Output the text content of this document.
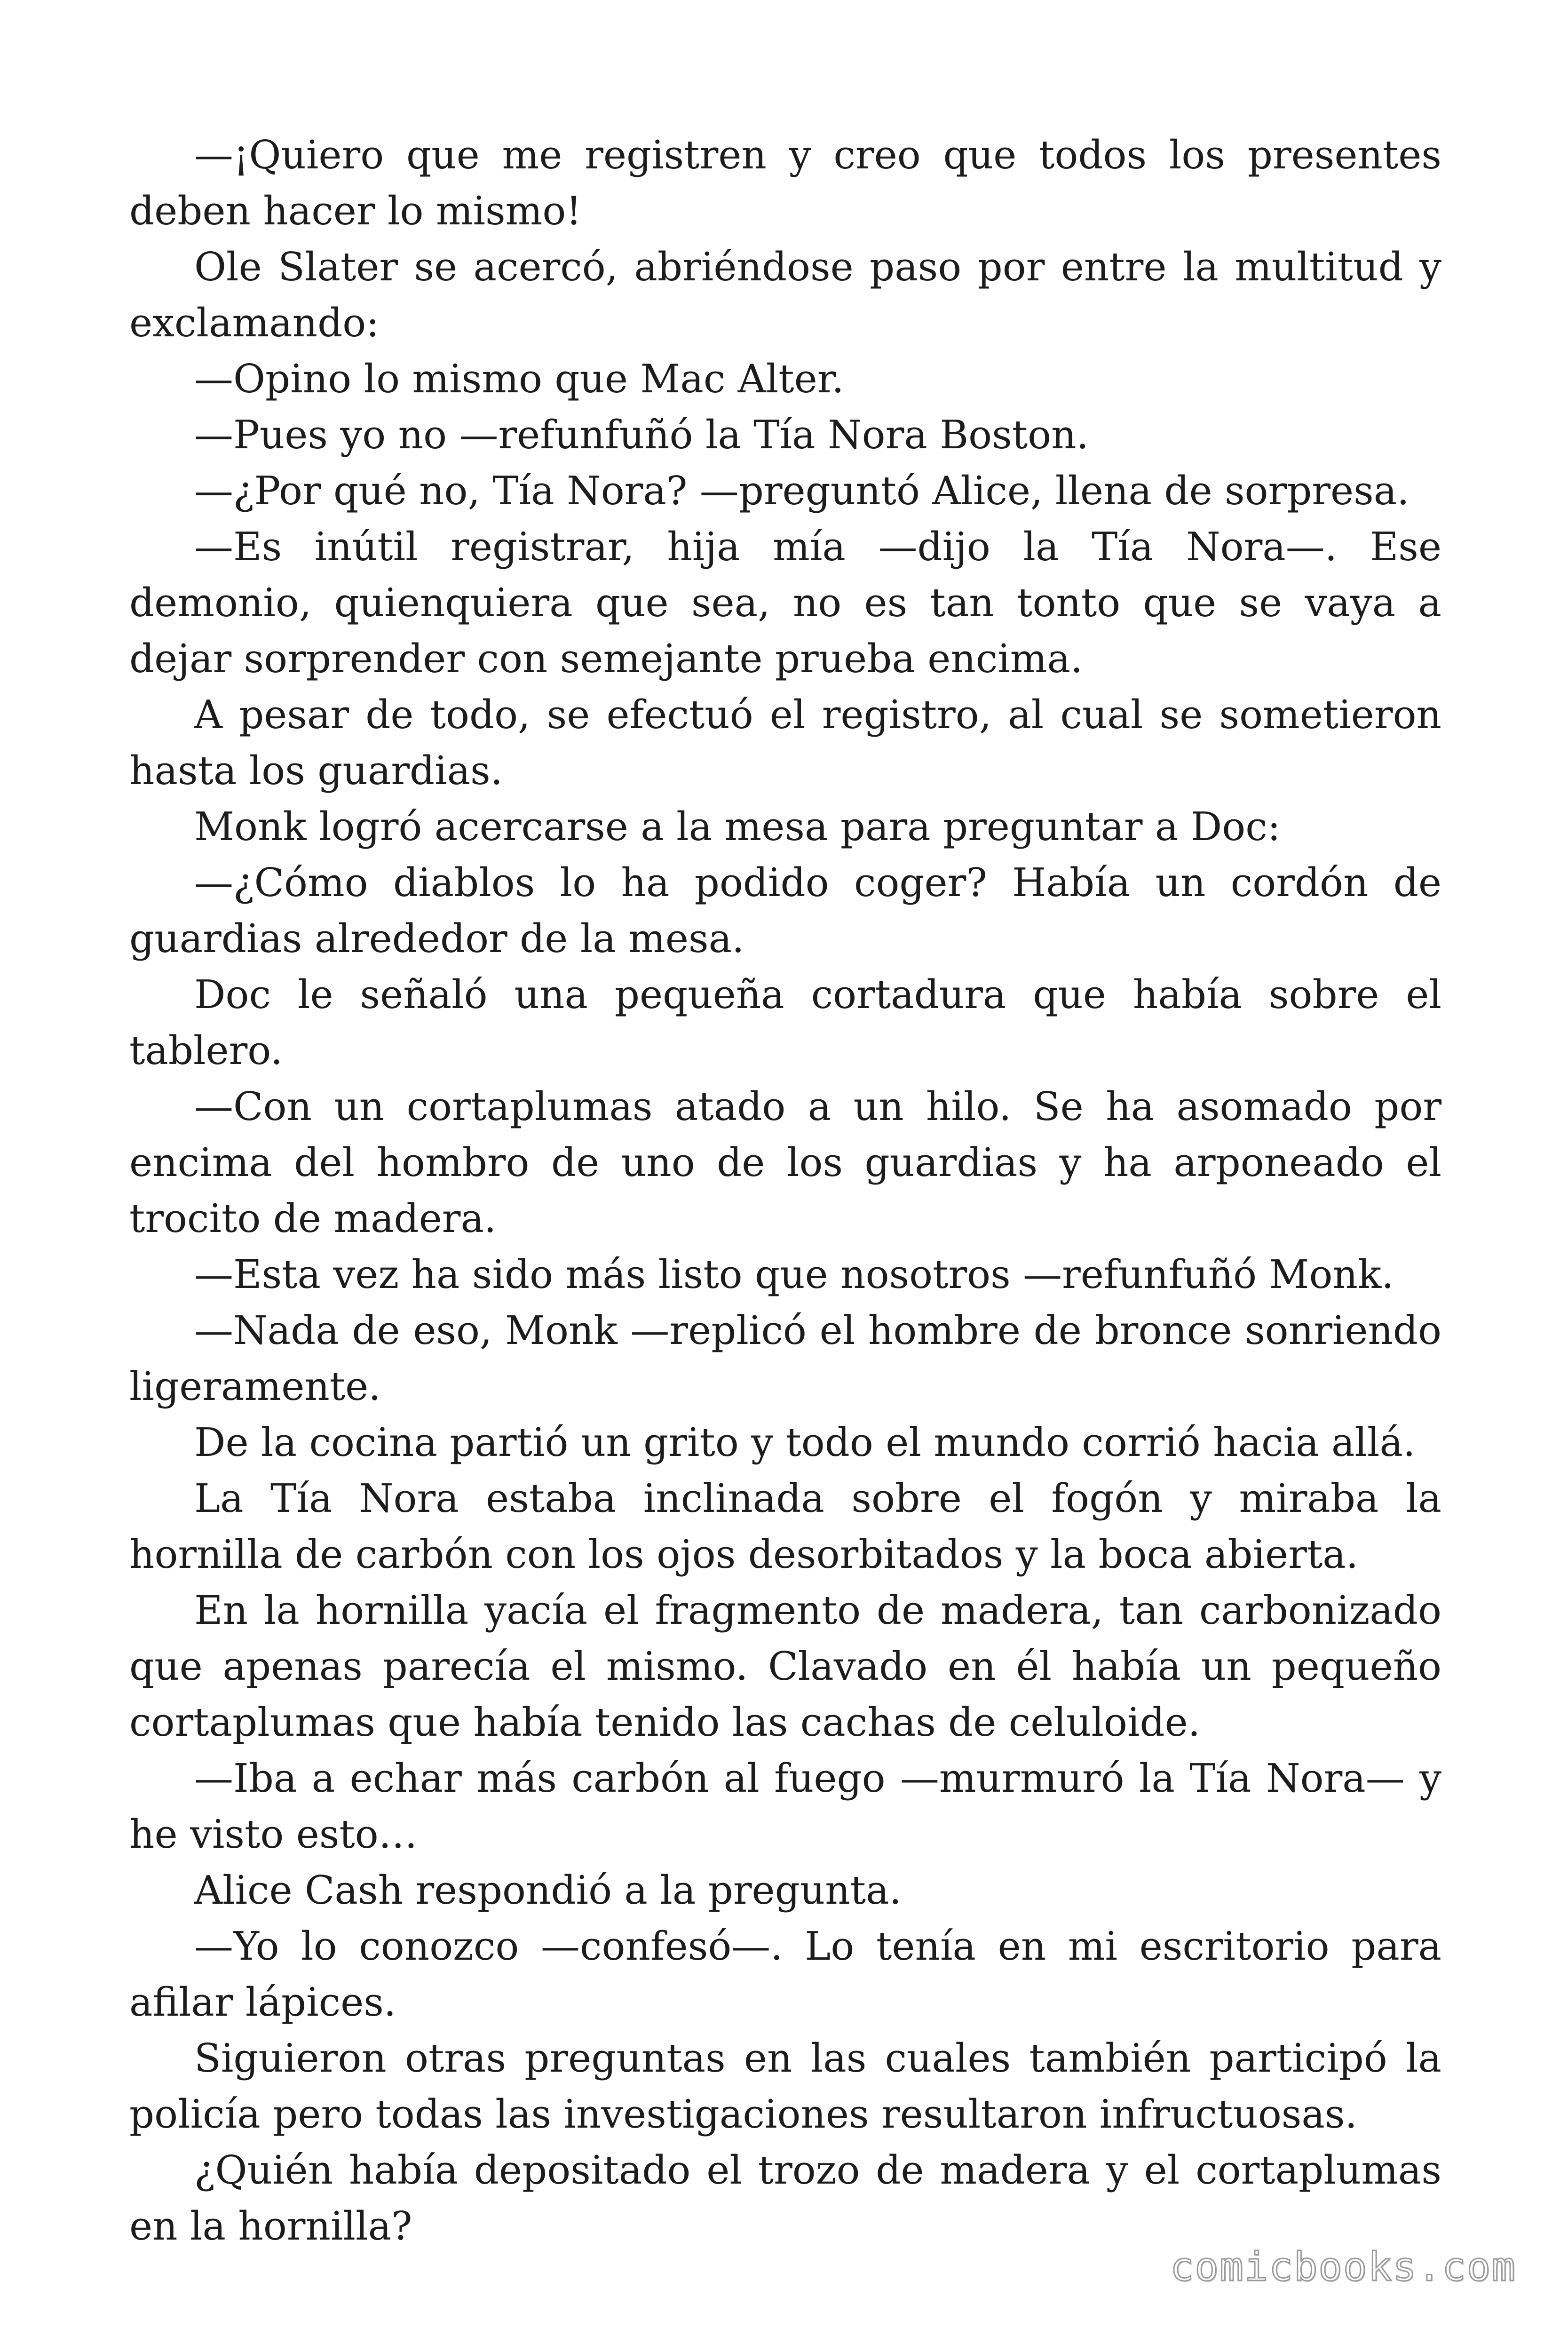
—¡Quiero que me registren y creo que todos los presentes deben hacer lo mismo!

Ole Slater se acercó, abriéndose paso por entre la multitud y exclamando:

—Opino lo mismo que Mac Alter.

—Pues yo no —refunfuñó la Tía Nora Boston.

—¿Por qué no, Tía Nora? —preguntó Alice, llena de sorpresa.

—Es inútil registrar, hija mía —dijo la Tía Nora—. Ese demonio, quienquiera que sea, no es tan tonto que se vaya a dejar sorprender con semejante prueba encima.

A pesar de todo, se efectuó el registro, al cual se sometieron hasta los guardias.

Monk logró acercarse a la mesa para preguntar a Doc:

—¿Cómo diablos lo ha podido coger? Había un cordón de guardias alrededor de la mesa.

Doc le señaló una pequeña cortadura que había sobre el tablero.

—Con un cortaplumas atado a un hilo. Se ha asomado por encima del hombro de uno de los guardias y ha arponeado el trocito de madera.

—Esta vez ha sido más listo que nosotros —refunfuñó Monk.

—Nada de eso, Monk —replicó el hombre de bronce sonriendo ligeramente.

De la cocina partió un grito y todo el mundo corrió hacia allá.

La Tía Nora estaba inclinada sobre el fogón y miraba la hornilla de carbón con los ojos desorbitados y la boca abierta.

En la hornilla yacía el fragmento de madera, tan carbonizado que apenas parecía el mismo. Clavado en él había un pequeño cortaplumas que había tenido las cachas de celuloide.

—Iba a echar más carbón al fuego —murmuró la Tía Nora— y he visto esto…

Alice Cash respondió a la pregunta.

—Yo lo conozco —confesó—. Lo tenía en mi escritorio para afilar lápices.

Siguieron otras preguntas en las cuales también participó la policía pero todas las investigaciones resultaron infructuosas.

¿Quién había depositado el trozo de madera y el cortaplumas en la hornilla?

comicbooks.com
